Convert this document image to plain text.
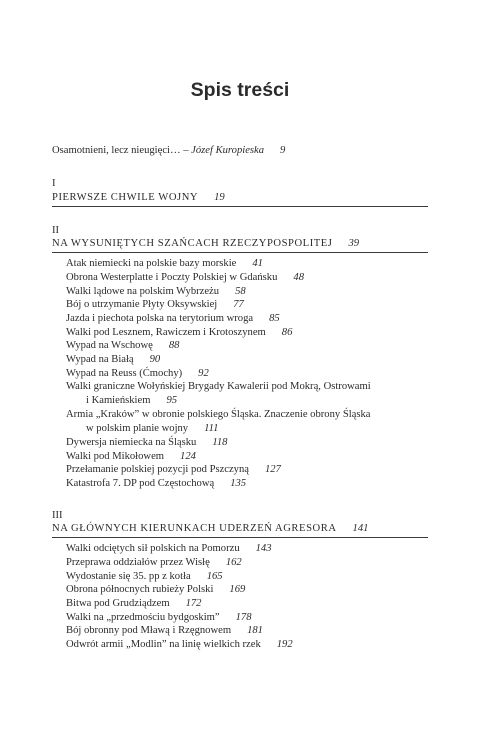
Spis treści
Osamotnieni, lecz nieugięci… – Józef Kuropieska 9
I
PIERWSZE CHWILE WOJNY 19
II
NA WYSUNIĘTYCH SZAŃCACH RZECZYPOSPOLITEJ 39
Atak niemiecki na polskie bazy morskie 41
Obrona Westerplatte i Poczty Polskiej w Gdańsku 48
Walki lądowe na polskim Wybrzeżu 58
Bój o utrzymanie Płyty Oksywskiej 77
Jazda i piechota polska na terytorium wroga 85
Walki pod Lesznem, Rawiczem i Krotoszynem 86
Wypad na Wschowę 88
Wypad na Białą 90
Wypad na Reuss (Ćmochy) 92
Walki graniczne Wołyńskiej Brygady Kawalerii pod Mokrą, Ostrowami
i Kamieńskiem 95
Armia „Kraków” w obronie polskiego Śląska. Znaczenie obrony Śląska
w polskim planie wojny 111
Dywersja niemiecka na Śląsku 118
Walki pod Mikołowem 124
Przełamanie polskiej pozycji pod Pszczyną 127
Katastrofa 7. DP pod Częstochową 135
III
NA GŁÓWNYCH KIERUNKACH UDERZEŃ AGRESORA 141
Walki odciętych sił polskich na Pomorzu 143
Przeprawa oddziałów przez Wisłę 162
Wydostanie się 35. pp z kotła 165
Obrona północnych rubieży Polski 169
Bitwa pod Grudziądzem 172
Walki na „przedmościu bydgoskim” 178
Bój obronny pod Mławą i Rzęgnowem 181
Odwrót armii „Modlin” na linię wielkich rzek 192
